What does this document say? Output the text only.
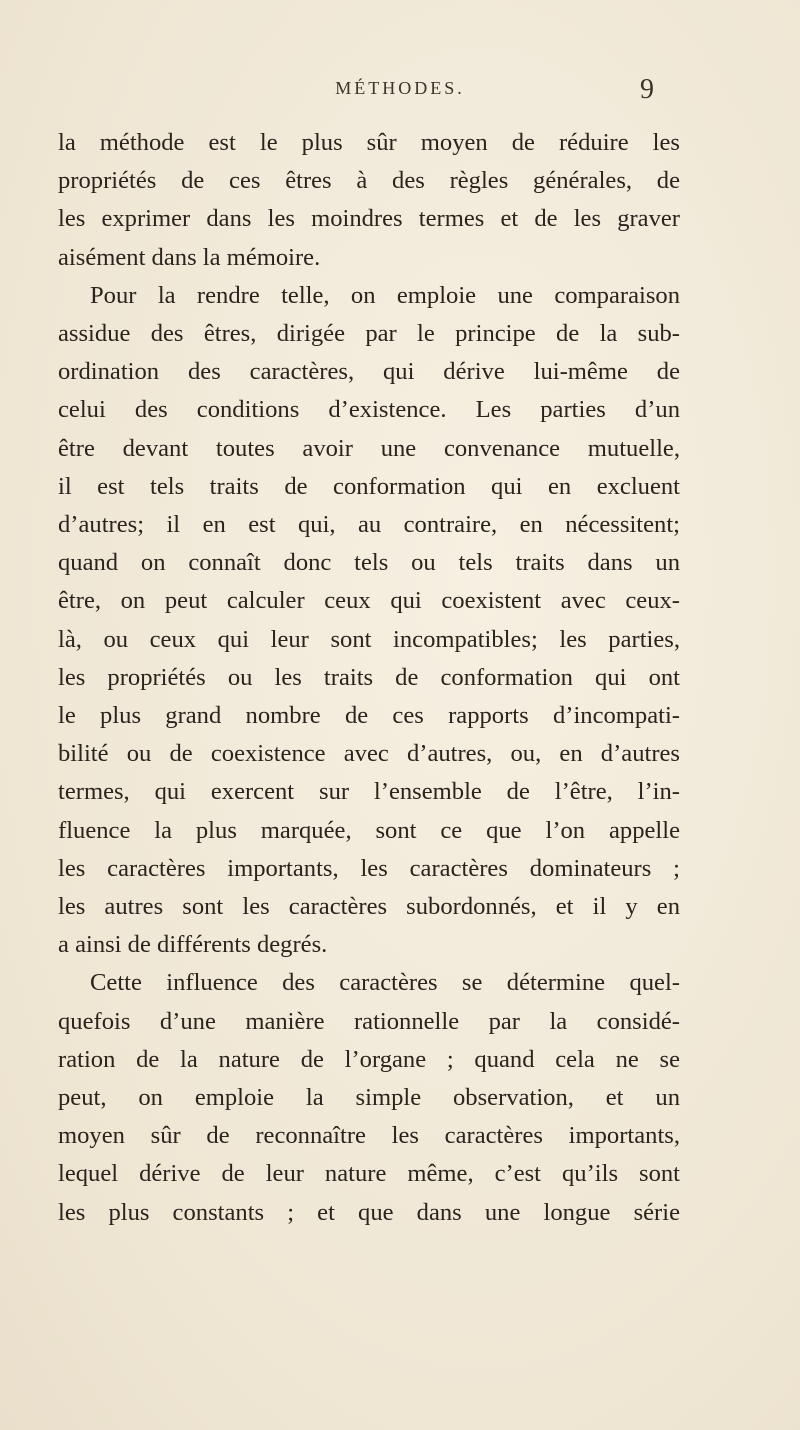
MÉTHODES.	9

la méthode est le plus sûr moyen de réduire les
propriétés de ces êtres à des règles générales, de
les exprimer dans les moindres termes et de les graver
aisément dans la mémoire.

Pour la rendre telle, on emploie une comparaison
assidue des êtres, dirigée par le principe de la sub-
ordination des caractères, qui dérive lui-même de
celui des conditions d’existence. Les parties d’un
être devant toutes avoir une convenance mutuelle,
il est tels traits de conformation qui en excluent
d’autres; il en est qui, au contraire, en nécessitent;
quand on connaît donc tels ou tels traits dans un
être, on peut calculer ceux qui coexistent avec ceux-
là, ou ceux qui leur sont incompatibles; les parties,
les propriétés ou les traits de conformation qui ont
le plus grand nombre de ces rapports d’incompati-
bilité ou de coexistence avec d’autres, ou, en d’autres
termes, qui exercent sur l’ensemble de l’être, l’in-
fluence la plus marquée, sont ce que l’on appelle
les caractères importants, les caractères dominateurs ;
les autres sont les caractères subordonnés, et il y en
a ainsi de différents degrés.

Cette influence des caractères se détermine quel-
quefois d’une manière rationnelle par la considé-
ration de la nature de l’organe ; quand cela ne se
peut, on emploie la simple observation, et un
moyen sûr de reconnaître les caractères importants,
lequel dérive de leur nature même, c’est qu’ils sont
les plus constants ; et que dans une longue série
